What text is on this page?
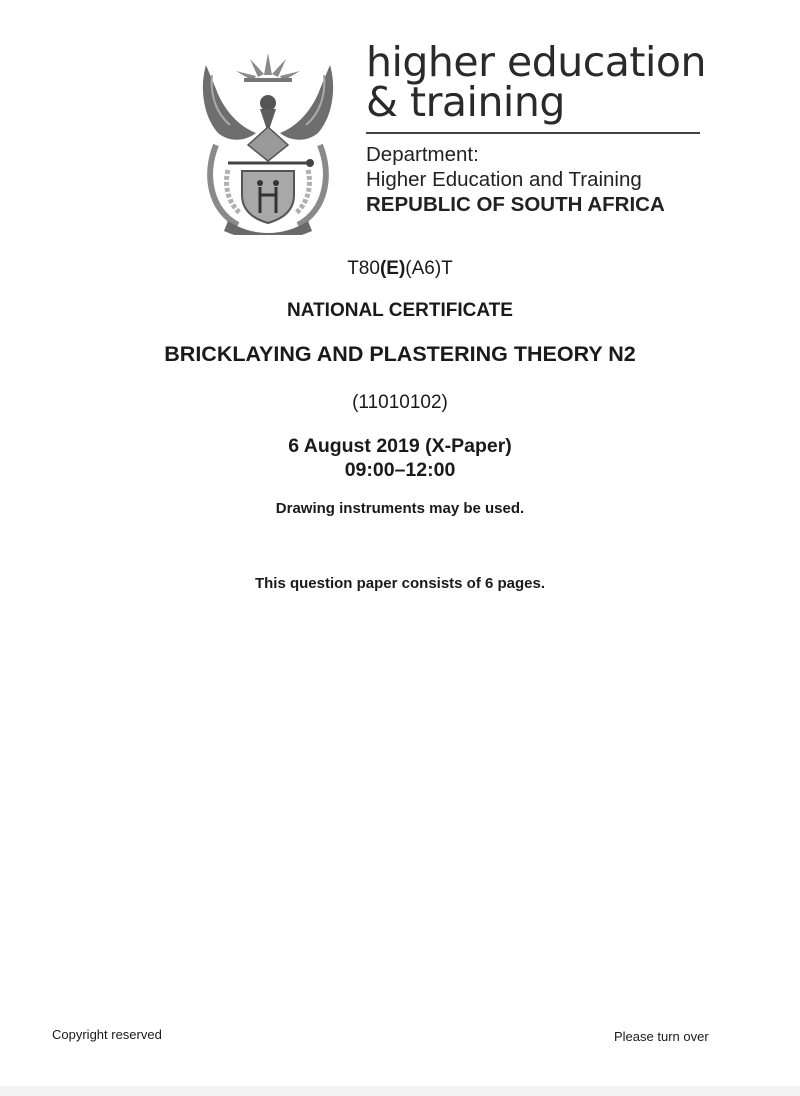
higher education
& training
Department:
Higher Education and Training
REPUBLIC OF SOUTH AFRICA
T80(E)(A6)T
NATIONAL CERTIFICATE
BRICKLAYING AND PLASTERING THEORY N2
(11010102)
6 August 2019 (X-Paper)
09:00–12:00
Drawing instruments may be used.
This question paper consists of 6 pages.
Copyright reserved	Please turn over
